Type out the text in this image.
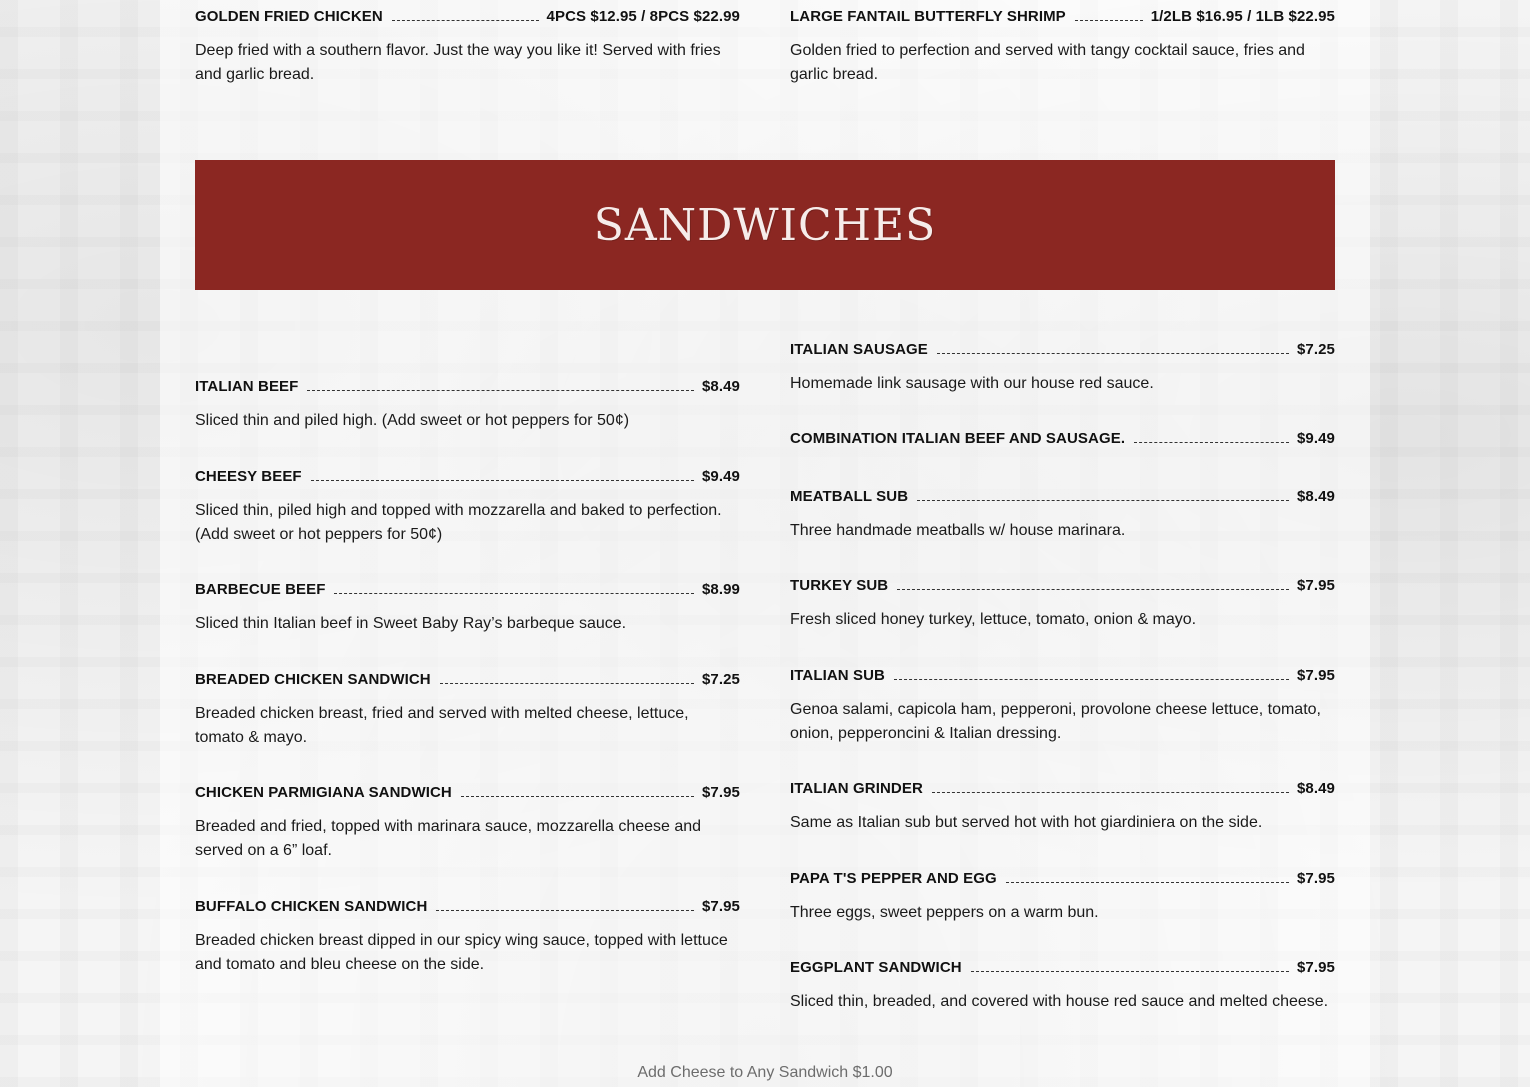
GOLDEN FRIED CHICKEN	4PCS $12.95 / 8PCS $22.99
Deep fried with a southern flavor. Just the way you like it! Served with fries and garlic bread.
LARGE FANTAIL BUTTERFLY SHRIMP	1/2LB $16.95 / 1LB $22.95
Golden fried to perfection and served with tangy cocktail sauce, fries and garlic bread.
SANDWICHES
ITALIAN BEEF	$8.49
Sliced thin and piled high. (Add sweet or hot peppers for 50¢)
CHEESY BEEF	$9.49
Sliced thin, piled high and topped with mozzarella and baked to perfection. (Add sweet or hot peppers for 50¢)
BARBECUE BEEF	$8.99
Sliced thin Italian beef in Sweet Baby Ray’s barbeque sauce.
BREADED CHICKEN SANDWICH	$7.25
Breaded chicken breast, fried and served with melted cheese, lettuce, tomato & mayo.
CHICKEN PARMIGIANA SANDWICH	$7.95
Breaded and fried, topped with marinara sauce, mozzarella cheese and served on a 6” loaf.
BUFFALO CHICKEN SANDWICH	$7.95
Breaded chicken breast dipped in our spicy wing sauce, topped with lettuce and tomato and bleu cheese on the side.
ITALIAN SAUSAGE	$7.25
Homemade link sausage with our house red sauce.
COMBINATION ITALIAN BEEF AND SAUSAGE.	$9.49
MEATBALL SUB	$8.49
Three handmade meatballs w/ house marinara.
TURKEY SUB	$7.95
Fresh sliced honey turkey, lettuce, tomato, onion & mayo.
ITALIAN SUB	$7.95
Genoa salami, capicola ham, pepperoni, provolone cheese lettuce, tomato, onion, pepperoncini & Italian dressing.
ITALIAN GRINDER	$8.49
Same as Italian sub but served hot with hot giardiniera on the side.
PAPA T'S PEPPER AND EGG	$7.95
Three eggs, sweet peppers on a warm bun.
EGGPLANT SANDWICH	$7.95
Sliced thin, breaded, and covered with house red sauce and melted cheese.
Add Cheese to Any Sandwich $1.00
